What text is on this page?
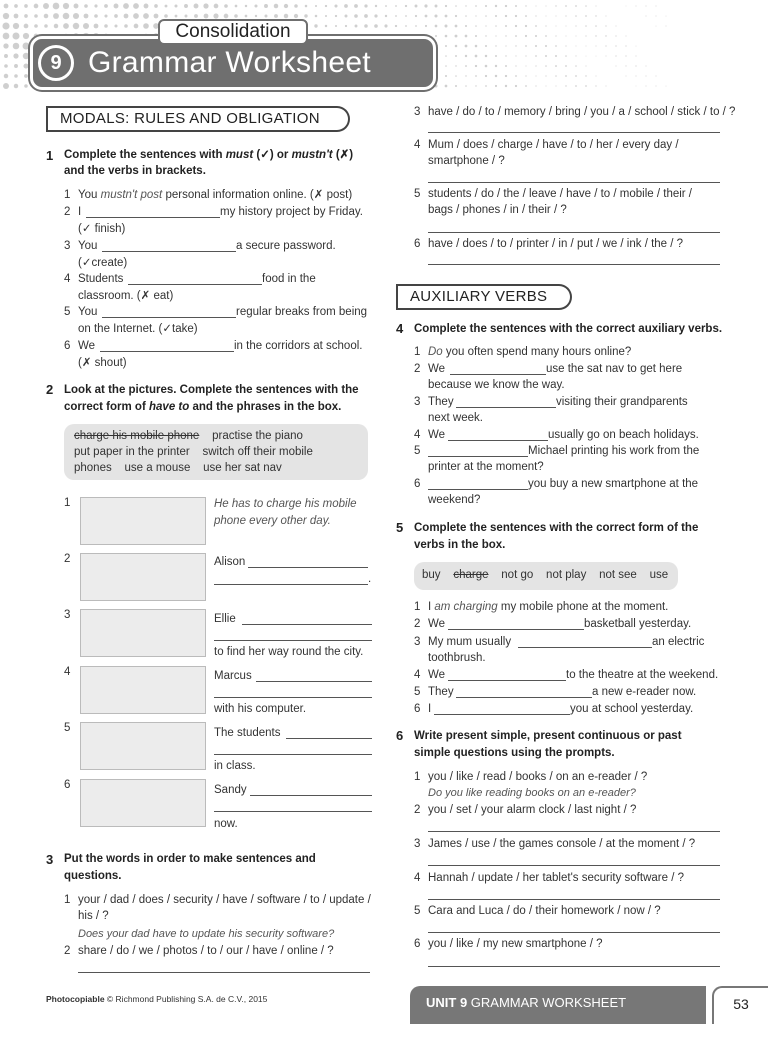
9
Consolidation
Grammar Worksheet
MODALS: RULES AND OBLIGATION
1 Complete the sentences with must (✓) or mustn't (✗)
and the verbs in brackets.
1 You mustn't post personal information online. (✗ post)
2 I	my history project by Friday.
(✓ finish)
3 You	a secure password.
(✓create)
4 Students	food in the
classroom. (✗ eat)
5 You	regular breaks from being
on the Internet. (✓take)
6 We	in the corridors at school.
(✗ shout)
2 Look at the pictures. Complete the sentences with the
correct form of have to and the phrases in the box.
charge his mobile phone practise the piano
put paper in the printer switch off their mobile
phones use a mouse use her sat nav
1	He has to charge his mobile
phone every other day.
2	Alison
.
3	Ellie
to find her way round the city.
4	Marcus
with his computer.
5	The students
in class.
6	Sandy
now.
3 Put the words in order to make sentences and
questions.
1 your / dad / does / security / have / software / to / update /
his / ?
Does your dad have to update his security software?
2 share / do / we / photos / to / our / have / online / ?
3 have / do / to / memory / bring / you / a / school / stick / to / ?
4 Mum / does / charge / have / to / her / every day /
smartphone / ?
5 students / do / the / leave / have / to / mobile / their /
bags / phones / in / their / ?
6 have / does / to / printer / in / put / we / ink / the / ?
AUXILIARY VERBS
4 Complete the sentences with the correct auxiliary verbs.
1 Do you often spend many hours online?
2 We	use the sat nav to get here
because we know the way.
3 They	visiting their grandparents
next week.
4 We	usually go on beach holidays.
5	Michael printing his work from the
printer at the moment?
6	you buy a new smartphone at the
weekend?
5 Complete the sentences with the correct form of the
verbs in the box.
buy charge not go not play not see use
1 I am charging my mobile phone at the moment.
2 We	basketball yesterday.
3 My mum usually	an electric
toothbrush.
4 We	to the theatre at the weekend.
5 They	a new e-reader now.
6 I	you at school yesterday.
6 Write present simple, present continuous or past
simple questions using the prompts.
1 you / like / read / books / on an e-reader / ?
Do you like reading books on an e-reader?
2 you / set / your alarm clock / last night / ?
3 James / use / the games console / at the moment / ?
4 Hannah / update / her tablet's security software / ?
5 Cara and Luca / do / their homework / now / ?
6 you / like / my new smartphone / ?
Photocopiable © Richmond Publishing S.A. de C.V., 2015	UNIT 9 GRAMMAR WORKSHEET Consolidation
53
